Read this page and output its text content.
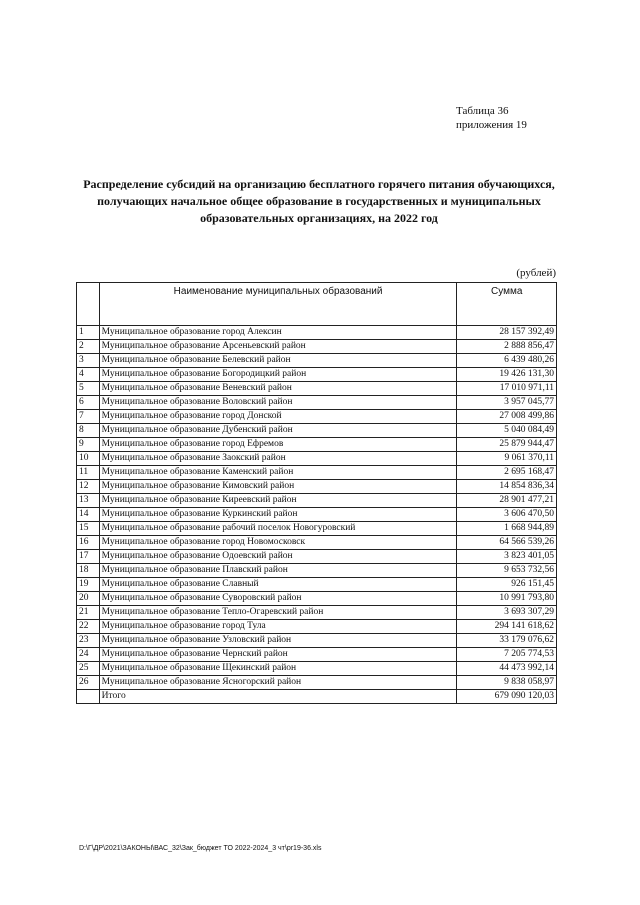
Таблица 36
приложения 19
Распределение субсидий на организацию бесплатного горячего питания обучающихся, получающих начальное общее образование в государственных и муниципальных образовательных организациях, на 2022 год
(рублей)
	Наименование муниципальных образований	Сумма
1	Муниципальное образование город Алексин	28 157 392,49
2	Муниципальное образование Арсеньевский район	2 888 856,47
3	Муниципальное образование Белевский район	6 439 480,26
4	Муниципальное образование Богородицкий район	19 426 131,30
5	Муниципальное образование Веневский район	17 010 971,11
6	Муниципальное образование Воловский район	3 957 045,77
7	Муниципальное образование город Донской	27 008 499,86
8	Муниципальное образование Дубенский район	5 040 084,49
9	Муниципальное образование город Ефремов	25 879 944,47
10	Муниципальное образование Заокский район	9 061 370,11
11	Муниципальное образование Каменский район	2 695 168,47
12	Муниципальное образование Кимовский район	14 854 836,34
13	Муниципальное образование Киреевский район	28 901 477,21
14	Муниципальное образование Куркинский район	3 606 470,50
15	Муниципальное образование рабочий поселок Новогуровский	1 668 944,89
16	Муниципальное образование город Новомосковск	64 566 539,26
17	Муниципальное образование Одоевский район	3 823 401,05
18	Муниципальное образование Плавский район	9 653 732,56
19	Муниципальное образование Славный	926 151,45
20	Муниципальное образование Суворовский район	10 991 793,80
21	Муниципальное образование Тепло-Огаревский район	3 693 307,29
22	Муниципальное образование город Тула	294 141 618,62
23	Муниципальное образование Узловский район	33 179 076,62
24	Муниципальное образование Чернский район	7 205 774,53
25	Муниципальное образование Щекинский район	44 473 992,14
26	Муниципальное образование Ясногорский район	9 838 058,97
	Итого	679 090 120,03
D:\Г\ДР\2021\ЗАКОНЫ\ВАС_32\Зак_бюджет ТО 2022-2024_3 чт\pr19-36.xls
